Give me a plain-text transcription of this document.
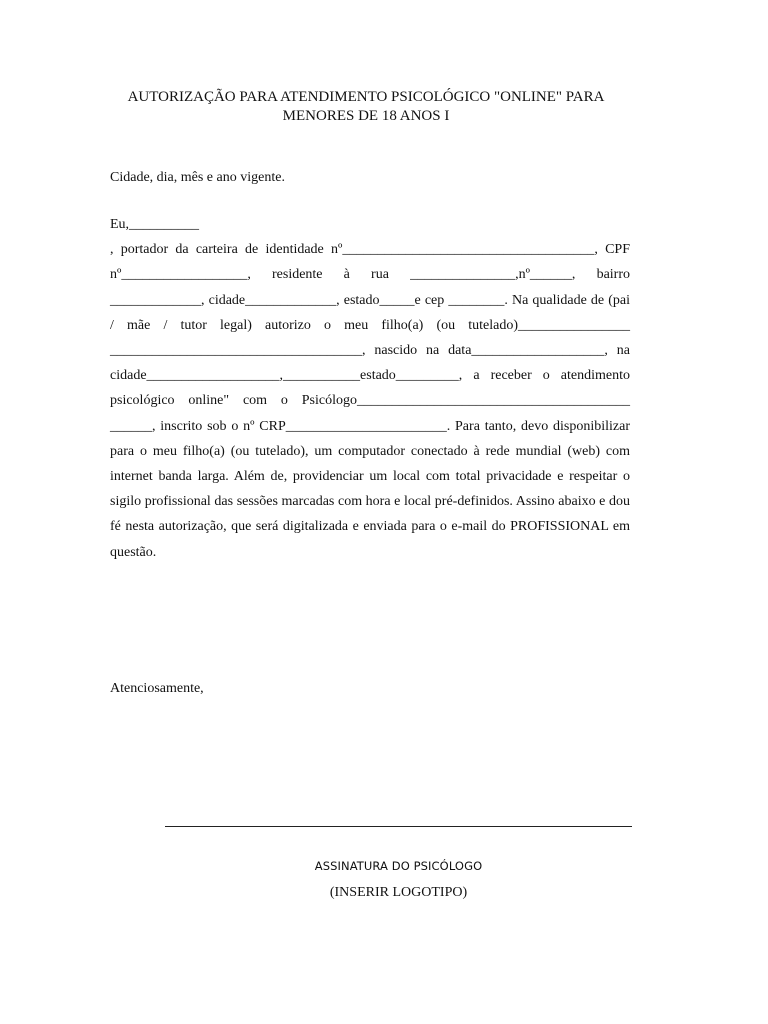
AUTORIZAÇÃO PARA ATENDIMENTO PSICOLÓGICO "ONLINE" PARA
MENORES DE 18 ANOS I
Cidade, dia, mês e ano vigente.

Eu,__________

, portador da carteira de identidade nº____________________________________, CPF nº__________________, residente à rua _______________,nº______, bairro _____________, cidade_____________, estado_____e cep ________. Na qualidade de (pai / mãe / tutor legal) autorizo o meu filho(a) (ou tutelado)________________ ____________________________________, nascido na data___________________, na cidade___________________,___________estado_________, a receber o atendimento psicológico online" com o Psicólogo_______________________________________ ______, inscrito sob o nº CRP_______________________. Para tanto, devo disponibilizar para o meu filho(a) (ou tutelado), um computador conectado à rede mundial (web) com internet banda larga. Além de, providenciar um local com total privacidade e respeitar o sigilo profissional das sessões marcadas com hora e local pré-definidos. Assino abaixo e dou fé nesta autorização, que será digitalizada e enviada para o e-mail do PROFISSIONAL em questão.

Atenciosamente,
ASSINATURA DO PSICÓLOGO
(INSERIR LOGOTIPO)
